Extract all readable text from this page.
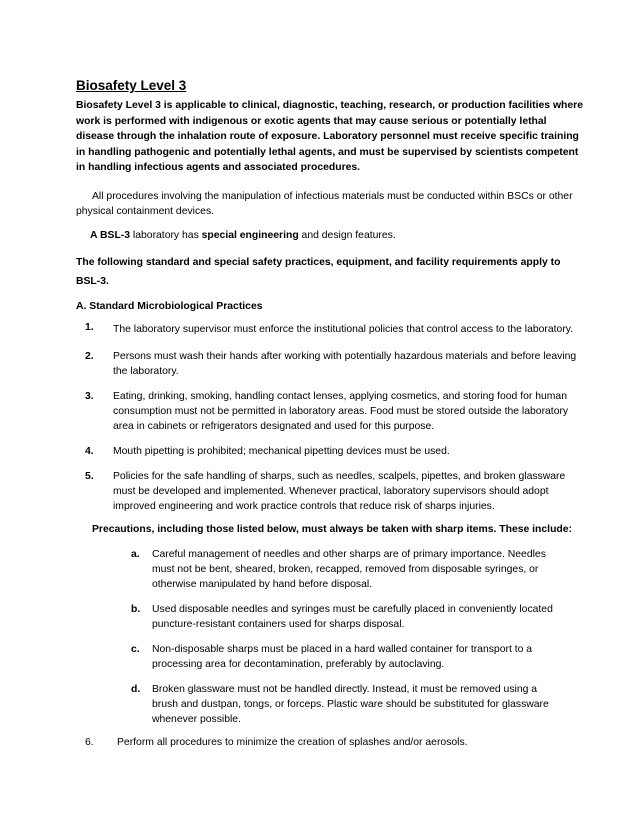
Biosafety Level 3
Biosafety Level 3 is applicable to clinical, diagnostic, teaching, research, or production facilities where work is performed with indigenous or exotic agents that may cause serious or potentially lethal disease through the inhalation route of exposure. Laboratory personnel must receive specific training in handling pathogenic and potentially lethal agents, and must be supervised by scientists competent in handling infectious agents and associated procedures.
All procedures involving the manipulation of infectious materials must be conducted within BSCs or other physical containment devices.
A BSL-3 laboratory has special engineering and design features.
The following standard and special safety practices, equipment, and facility requirements apply to BSL-3.
A. Standard Microbiological Practices
1.	The laboratory supervisor must enforce the institutional policies that control access to the laboratory.
2.	Persons must wash their hands after working with potentially hazardous materials and before leaving the laboratory.
3.	Eating, drinking, smoking, handling contact lenses, applying cosmetics, and storing food for human consumption must not be permitted in laboratory areas. Food must be stored outside the laboratory area in cabinets or refrigerators designated and used for this purpose.
4.	Mouth pipetting is prohibited; mechanical pipetting devices must be used.
5.	Policies for the safe handling of sharps, such as needles, scalpels, pipettes, and broken glassware must be developed and implemented. Whenever practical, laboratory supervisors should adopt improved engineering and work practice controls that reduce risk of sharps injuries.
Precautions, including those listed below, must always be taken with sharp items. These include:
a.	Careful management of needles and other sharps are of primary importance. Needles must not be bent, sheared, broken, recapped, removed from disposable syringes, or otherwise manipulated by hand before disposal.
b.	Used disposable needles and syringes must be carefully placed in conveniently located puncture-resistant containers used for sharps disposal.
c.	Non-disposable sharps must be placed in a hard walled container for transport to a processing area for decontamination, preferably by autoclaving.
d.	Broken glassware must not be handled directly. Instead, it must be removed using a brush and dustpan, tongs, or forceps. Plastic ware should be substituted for glassware whenever possible.
6.	Perform all procedures to minimize the creation of splashes and/or aerosols.
